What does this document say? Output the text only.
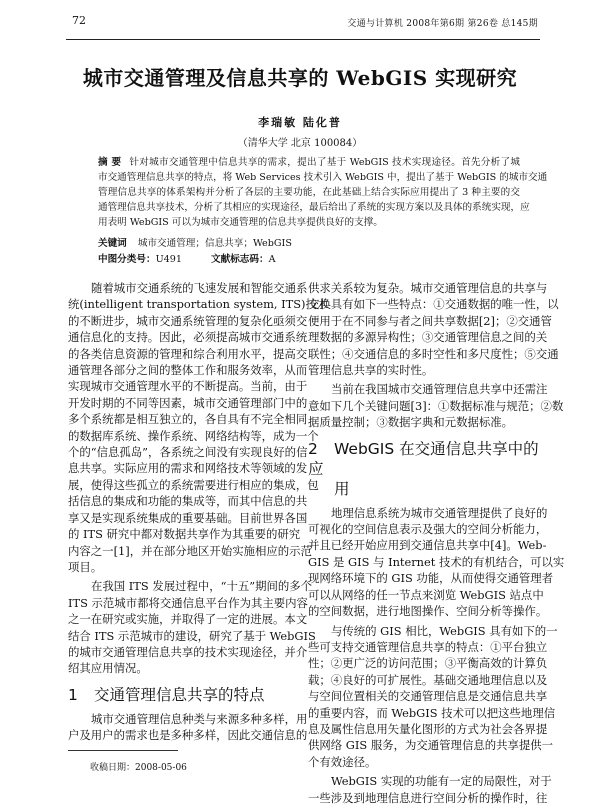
72	交通与计算机 2008年第6期 第26卷 总145期
城市交通管理及信息共享的 WebGIS 实现研究
李瑞敏 陆化普
（清华大学 北京 100084）
摘 要 针对城市交通管理中信息共享的需求，提出了基于 WebGIS 技术实现途径。首先分析了城
市交通管理信息共享的特点，将 Web Services 技术引入 WebGIS 中，提出了基于 WebGIS 的城市交通
管理信息共享的体系架构并分析了各层的主要功能，在此基础上结合实际应用提出了 3 种主要的交
通管理信息共享技术，分析了其相应的实现途径，最后给出了系统的实现方案以及具体的系统实现，应
用表明 WebGIS 可以为城市交通管理的信息共享提供良好的支撑。
关键词 城市交通管理；信息共享；WebGIS
中图分类号：U491	文献标志码：A
随着城市交通系统的飞速发展和智能交通系
统(intelligent transportation system, ITS)技术
的不断进步，城市交通系统管理的复杂化亟须交
通信息化的支持。因此，必须提高城市交通系统
的各类信息资源的管理和综合利用水平，提高交
通管理各部分之间的整体工作和服务效率，从而
实现城市交通管理水平的不断提高。当前，由于
开发时期的不同等因素，城市交通管理部门中的
多个系统都是相互独立的，各自具有不完全相同
的数据库系统、操作系统、网络结构等，成为一个
个的“信息孤岛”，各系统之间没有实现良好的信
息共享。实际应用的需求和网络技术等领域的发
展，使得这些孤立的系统需要进行相应的集成，包
括信息的集成和功能的集成等，而其中信息的共
享又是实现系统集成的重要基础。目前世界各国
的 ITS 研究中都对数据共享作为其重要的研究
内容之一[1]，并在部分地区开始实施相应的示范
项目。
在我国 ITS 发展过程中，“十五”期间的多个
ITS 示范城市都将交通信息平台作为其主要内容
之一在研究或实施，并取得了一定的进展。本文
结合 ITS 示范城市的建设，研究了基于 WebGIS
的城市交通管理信息共享的技术实现途径，并介
绍其应用情况。
1 交通管理信息共享的特点
城市交通管理信息种类与来源多种多样，用
户及用户的需求也是多种多样，因此交通信息的
供求关系较为复杂。城市交通管理信息的共享与
交换具有如下一些特点：①交通数据的唯一性，以
便用于在不同参与者之间共享数据[2]；②交通管
理数据的多源异构性；③交通管理信息之间的关
联性；④交通信息的多时空性和多尺度性；⑤交通
管理信息共享的实时性。
当前在我国城市交通管理信息共享中还需注
意如下几个关键问题[3]：①数据标准与规范；②数
据质量控制；③数据字典和元数据标准。
2 WebGIS 在交通信息共享中的应
用
地理信息系统为城市交通管理提供了良好的
可视化的空间信息表示及强大的空间分析能力，
并且已经开始应用到交通信息共享中[4]。Web-
GIS 是 GIS 与 Internet 技术的有机结合，可以实
现网络环境下的 GIS 功能，从而使得交通管理者
可以从网络的任一节点来浏览 WebGIS 站点中
的空间数据，进行地图操作、空间分析等操作。
与传统的 GIS 相比，WebGIS 具有如下的一
些可支持交通管理信息共享的特点：①平台独立
性；②更广泛的访问范围；③平衡高效的计算负
载；④良好的可扩展性。基础交通地理信息以及
与空间位置相关的交通管理信息是交通信息共享
的重要内容，而 WebGIS 技术可以把这些地理信
息及属性信息用矢量化图形的方式为社会各界提
供网络 GIS 服务，为交通管理信息的共享提供一
个有效途径。
WebGIS 实现的功能有一定的局限性，对于
一些涉及到地理信息进行空间分析的操作时，往
收稿日期：2008-05-06
